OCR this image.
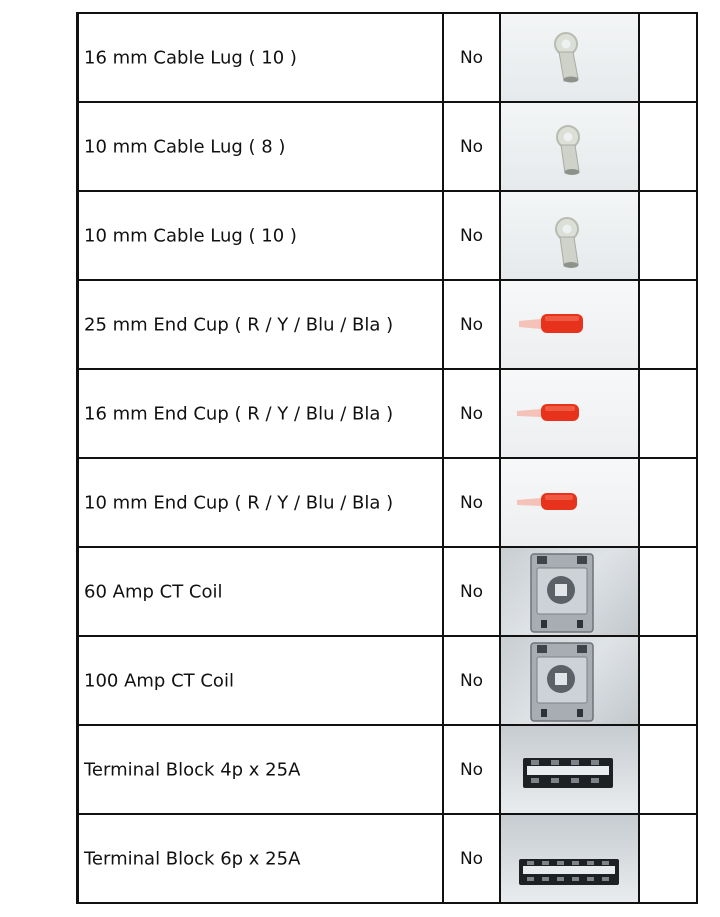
16 mm Cable Lug ( 10 )	No
10 mm Cable Lug ( 8 )	No
10 mm Cable Lug ( 10 )	No
25 mm End Cup ( R / Y / Blu / Bla )	No
16 mm End Cup ( R / Y / Blu / Bla )	No
10 mm End Cup ( R / Y / Blu / Bla )	No
60 Amp CT Coil	No
100 Amp CT Coil	No
Terminal Block 4p x 25A	No
Terminal Block 6p x 25A	No
